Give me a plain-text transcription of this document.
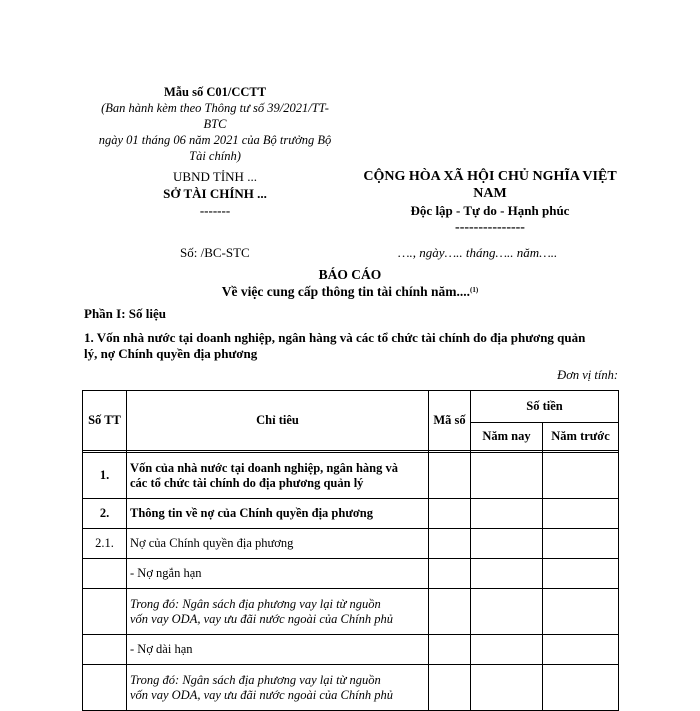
Mẫu số C01/CCTT
(Ban hành kèm theo Thông tư số 39/2021/TT-
BTC
ngày 01 tháng 06 năm 2021 của Bộ trưởng Bộ
Tài chính)
UBND TỈNH ...
SỞ TÀI CHÍNH ...
-------
CỘNG HÒA XÃ HỘI CHỦ NGHĨA VIỆT
NAM
Độc lập - Tự do - Hạnh phúc
---------------
Số: /BC-STC	…., ngày….. tháng….. năm…..
BÁO CÁO
Về việc cung cấp thông tin tài chính năm....$^{(1)}$
Phần I: Số liệu
1. Vốn nhà nước tại doanh nghiệp, ngân hàng và các tổ chức tài chính do địa phương quản
lý, nợ Chính quyền địa phương
Đơn vị tính:
Số TT	Chỉ tiêu	Mã số	Số tiền	
			Năm nay	Năm trước

1.	Vốn của nhà nước tại doanh nghiệp, ngân hàng và
các tổ chức tài chính do địa phương quản lý			

2.	Thông tin về nợ của Chính quyền địa phương			

2.1.	Nợ của Chính quyền địa phương			

	- Nợ ngắn hạn			

	Trong đó: Ngân sách địa phương vay lại từ nguồn
vốn vay ODA, vay ưu đãi nước ngoài của Chính phủ			

	- Nợ dài hạn			

	Trong đó: Ngân sách địa phương vay lại từ nguồn
vốn vay ODA, vay ưu đãi nước ngoài của Chính phủ			
